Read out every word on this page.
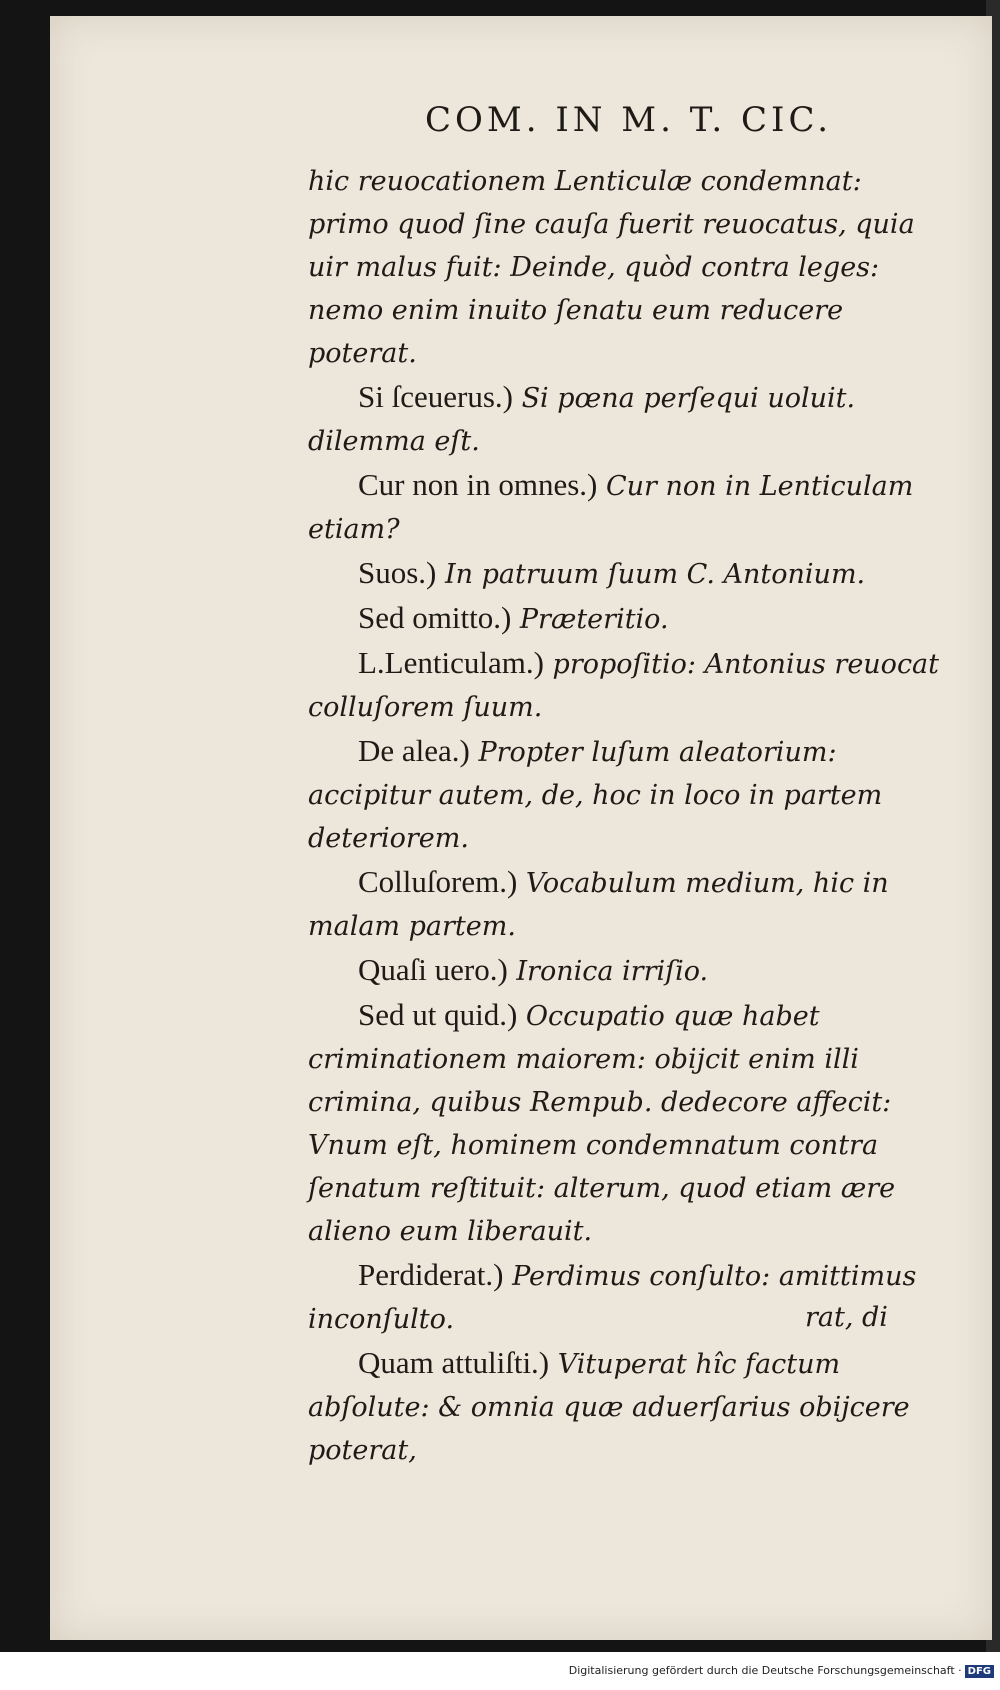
COM. IN M. T. CIC.

hic reuocationem Lenticulæ condemnat: primo quod ſine cauſa fuerit reuocatus, quia uir malus fuit: Deinde, quòd contra leges: nemo enim inuito ſenatu eum reducere poterat.

Si ſceuerus.) Si pœna perſequi uoluit. dilemma eſt.

Cur non in omnes.) Cur non in Lenticulam etiam?

Suos.) In patruum ſuum C. Antonium.

Sed omitto.) Præteritio.

L.Lenticulam.) propoſitio: Antonius reuocat colluſorem ſuum.

De alea.) Propter luſum aleatorium: accipitur autem, de, hoc in loco in partem deteriorem.

Colluſorem.) Vocabulum medium, hic in malam partem.

Quaſi uero.) Ironica irriſio.

Sed ut quid.) Occupatio quæ habet criminationem maiorem: obijcit enim illi crimina, quibus Rempub. dedecore affecit: Vnum eſt, hominem condemnatum contra ſenatum reſtituit: alterum, quod etiam ære alieno eum liberauit.

Perdiderat.) Perdimus conſulto: amittimus inconſulto.

Quam attuliſti.) Vituperat hîc factum abſolute: & omnia quæ aduerſarius obijcere poterat,

rat, di
Digitalisierung gefördert durch die Deutsche Forschungsgemeinschaft · DFG
